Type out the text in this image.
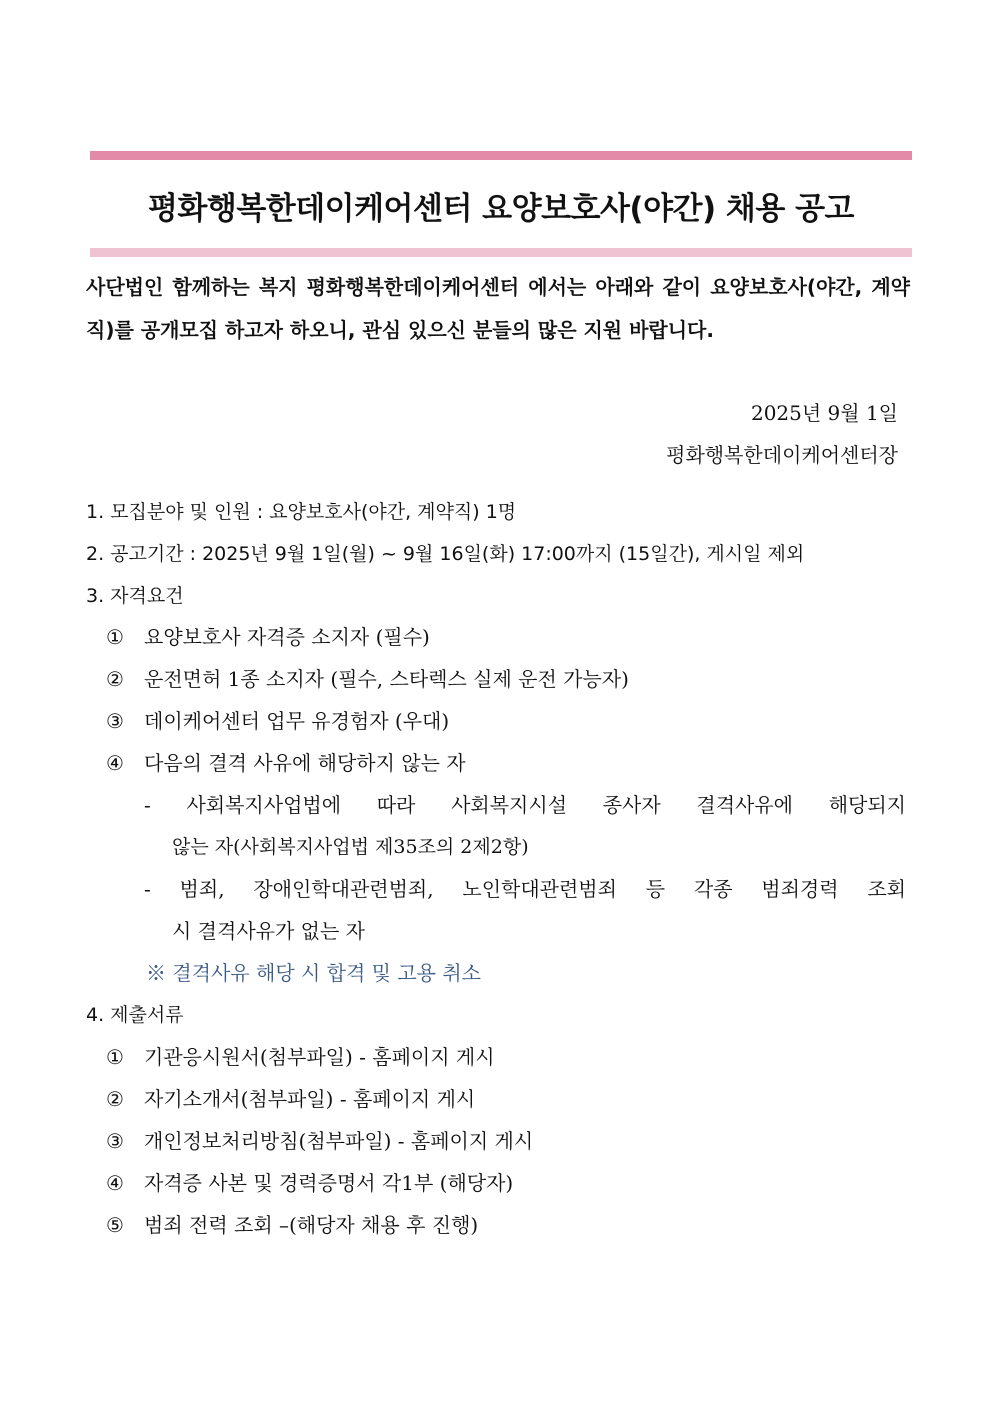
평화행복한데이케어센터 요양보호사(야간) 채용 공고
사단법인 함께하는 복지 평화행복한데이케어센터 에서는 아래와 같이 요양보호사(야간, 계약직)를 공개모집 하고자 하오니, 관심 있으신 분들의 많은 지원 바랍니다.
2025년 9월 1일
평화행복한데이케어센터장
1. 모집분야 및 인원 : 요양보호사(야간, 계약직) 1명
2. 공고기간 : 2025년 9월 1일(월) ~ 9월 16일(화) 17:00까지 (15일간), 게시일 제외
3. 자격요건
① 요양보호사 자격증 소지자 (필수)
② 운전면허 1종 소지자 (필수, 스타렉스 실제 운전 가능자)
③ 데이케어센터 업무 유경험자 (우대)
④ 다음의 결격 사유에 해당하지 않는 자
- 사회복지사업법에 따라 사회복지시설 종사자 결격사유에 해당되지
않는 자(사회복지사업법 제35조의 2제2항)
- 범죄, 장애인학대관련범죄, 노인학대관련범죄 등 각종 범죄경력 조회
시 결격사유가 없는 자
※ 결격사유 해당 시 합격 및 고용 취소
4. 제출서류
① 기관응시원서(첨부파일) - 홈페이지 게시
② 자기소개서(첨부파일) - 홈페이지 게시
③ 개인정보처리방침(첨부파일) - 홈페이지 게시
④ 자격증 사본 및 경력증명서 각1부 (해당자)
⑤ 범죄 전력 조회 –(해당자 채용 후 진행)
